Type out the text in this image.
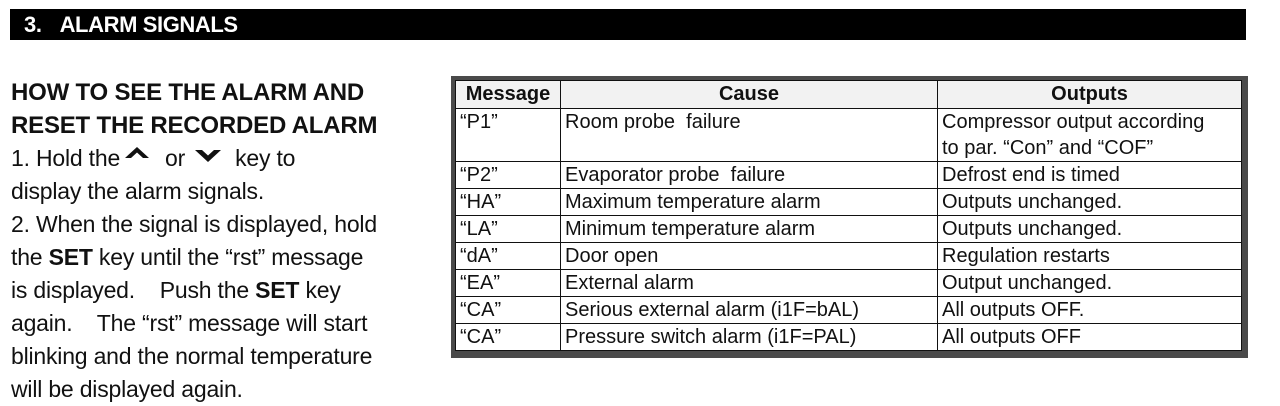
3. ALARM SIGNALS
HOW TO SEE THE ALARM AND
RESET THE RECORDED ALARM
1. Hold the or key to
display the alarm signals.
2. When the signal is displayed, hold
the SET key until the “rst” message
is displayed.    Push the SET key
again.    The “rst” message will start
blinking and the normal temperature
will be displayed again.
Message	Cause	Outputs
“P1”	Room probe  failure	Compressor output according
to par. “Con” and “COF”

“P2”	Evaporator probe  failure	Defrost end is timed
“HA”	Maximum temperature alarm	Outputs unchanged.
“LA”	Minimum temperature alarm	Outputs unchanged.
“dA”	Door open	Regulation restarts
“EA”	External alarm	Output unchanged.
“CA”	Serious external alarm (i1F=bAL)	All outputs OFF.
“CA”	Pressure switch alarm (i1F=PAL)	All outputs OFF
